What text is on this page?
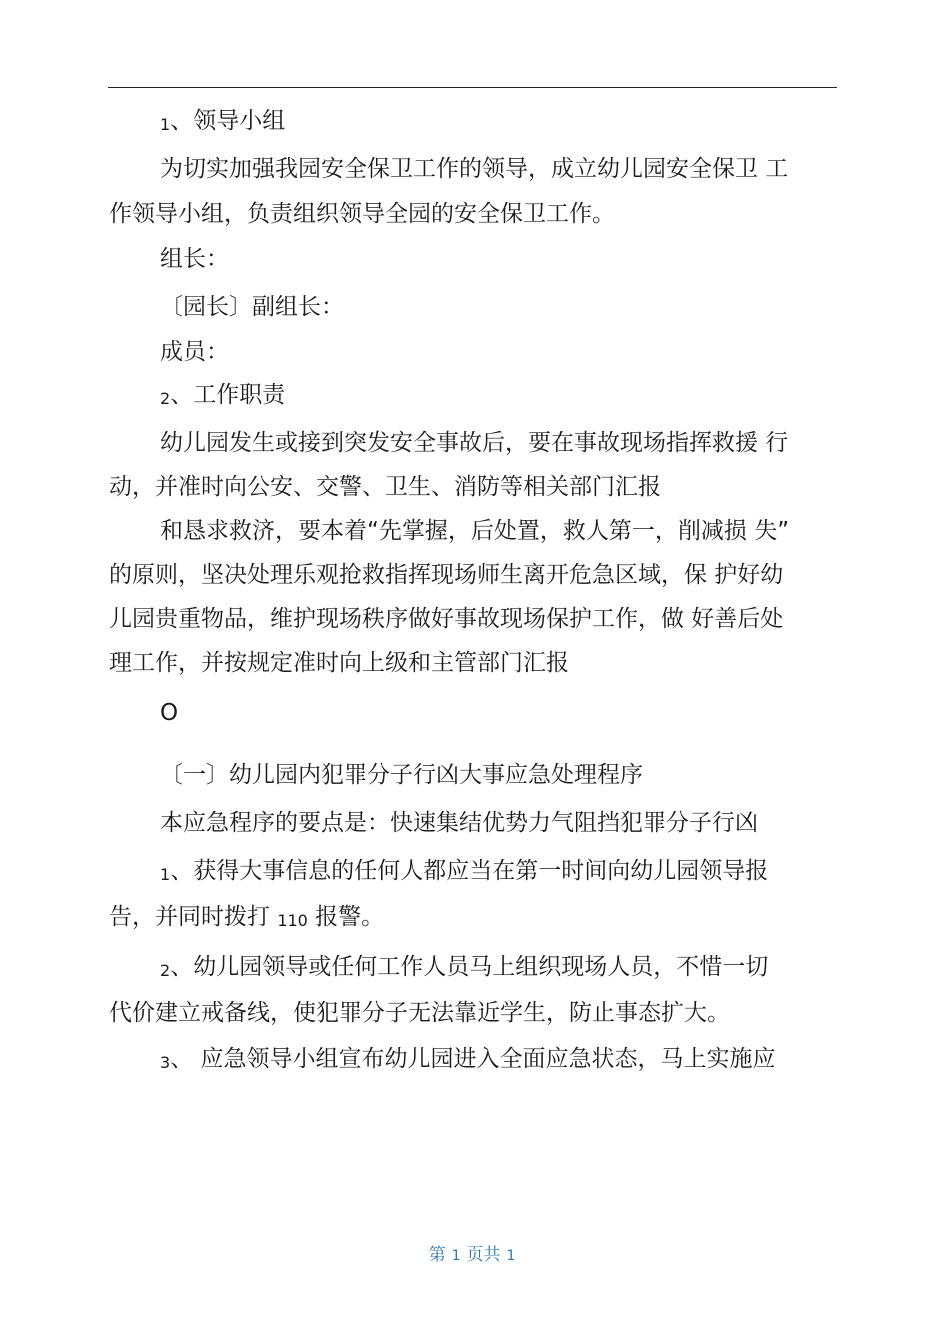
1、领导小组
为切实加强我园安全保卫工作的领导，成立幼儿园安全保卫 工
作领导小组，负责组织领导全园的安全保卫工作。
组长：
〔园长〕副组长：
成员：
2、工作职责
幼儿园发生或接到突发安全事故后，要在事故现场指挥救援 行
动，并准时向公安、交警、卫生、消防等相关部门汇报
和恳求救济，要本着“先掌握，后处置，救人第一，削减损 失”
的原则，坚决处理乐观抢救指挥现场师生离开危急区域，保 护好幼
儿园贵重物品，维护现场秩序做好事故现场保护工作，做 好善后处
理工作，并按规定准时向上级和主管部门汇报
O
〔一〕幼儿园内犯罪分子行凶大事应急处理程序
本应急程序的要点是：快速集结优势力气阻挡犯罪分子行凶
1、获得大事信息的任何人都应当在第一时间向幼儿园领导报
告，并同时拨打 110 报警。
2、幼儿园领导或任何工作人员马上组织现场人员，不惜一切
代价建立戒备线，使犯罪分子无法靠近学生，防止事态扩大。
3、 应急领导小组宣布幼儿园进入全面应急状态，马上实施应
第 1 页共 1
